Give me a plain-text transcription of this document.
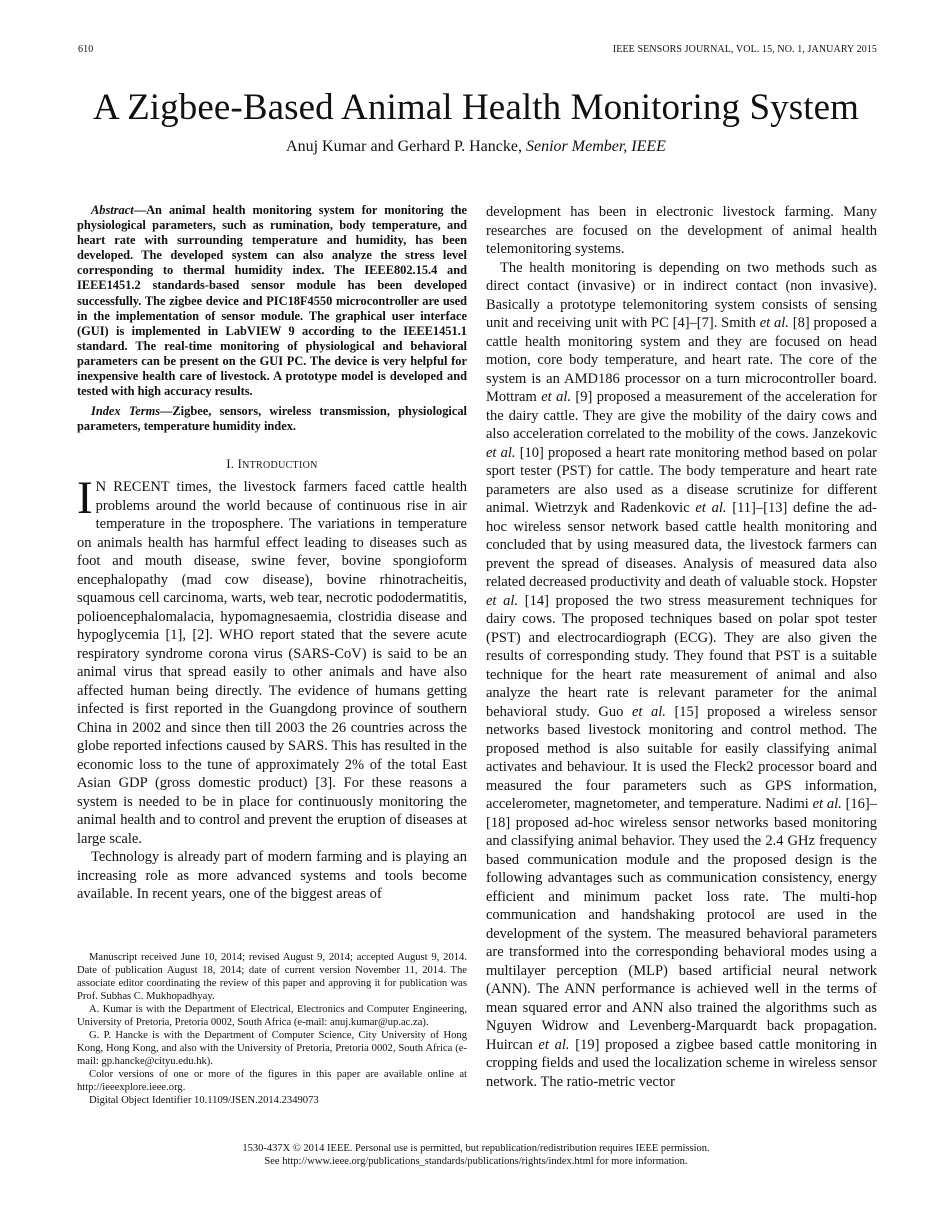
610	IEEE SENSORS JOURNAL, VOL. 15, NO. 1, JANUARY 2015
A Zigbee-Based Animal Health Monitoring System
Anuj Kumar and Gerhard P. Hancke, Senior Member, IEEE

Abstract—An animal health monitoring system for monitoring the physiological parameters, such as rumination, body temperature, and heart rate with surrounding temperature and humidity, has been developed. The developed system can also analyze the stress level corresponding to thermal humidity index. The IEEE802.15.4 and IEEE1451.2 standards-based sensor module has been developed successfully. The zigbee device and PIC18F4550 microcontroller are used in the implementation of sensor module. The graphical user interface (GUI) is implemented in LabVIEW 9 according to the IEEE1451.1 standard. The real-time monitoring of physiological and behavioral parameters can be present on the GUI PC. The device is very helpful for inexpensive health care of livestock. A prototype model is developed and tested with high accuracy results.

Index Terms—Zigbee, sensors, wireless transmission, physiological parameters, temperature humidity index.

I. INTRODUCTION

I N RECENT times, the livestock farmers faced cattle health problems around the world because of continuous rise in air temperature in the troposphere. The variations in temperature on animals health has harmful effect leading to diseases such as foot and mouth disease, swine fever, bovine spongioform encephalopathy (mad cow disease), bovine rhinotracheitis, squamous cell carcinoma, warts, web tear, necrotic pododermatitis, polioencephalomalacia, hypomagnesaemia, clostridia disease and hypoglycemia [1], [2]. WHO report stated that the severe acute respiratory syndrome corona virus (SARS-CoV) is said to be an animal virus that spread easily to other animals and have also affected human being directly. The evidence of humans getting infected is first reported in the Guangdong province of southern China in 2002 and since then till 2003 the 26 countries across the globe reported infections caused by SARS. This has resulted in the economic loss to the tune of approximately 2% of the total East Asian GDP (gross domestic product) [3]. For these reasons a system is needed to be in place for continuously monitoring the animal health and to control and prevent the eruption of diseases at large scale.

Technology is already part of modern farming and is playing an increasing role as more advanced systems and tools become available. In recent years, one of the biggest areas of

development has been in electronic livestock farming. Many researches are focused on the development of animal health telemonitoring systems.

The health monitoring is depending on two methods such as direct contact (invasive) or in indirect contact (non invasive). Basically a prototype telemonitoring system consists of sensing unit and receiving unit with PC [4]–[7]. Smith et al. [8] proposed a cattle health monitoring system and they are focused on head motion, core body temperature, and heart rate. The core of the system is an AMD186 processor on a turn microcontroller board. Mottram et al. [9] proposed a measurement of the acceleration for the dairy cattle. They are give the mobility of the dairy cows and also acceleration correlated to the mobility of the cows. Janzekovic et al. [10] proposed a heart rate monitoring method based on polar sport tester (PST) for cattle. The body temperature and heart rate parameters are also used as a disease scrutinize for different animal. Wietrzyk and Radenkovic et al. [11]–[13] define the ad-hoc wireless sensor network based cattle health monitoring and concluded that by using measured data, the livestock farmers can prevent the spread of diseases. Analysis of measured data also related decreased productivity and death of valuable stock. Hopster et al. [14] proposed the two stress measurement techniques for dairy cows. The proposed techniques based on polar spot tester (PST) and electrocardiograph (ECG). They are also given the results of corresponding study. They found that PST is a suitable technique for the heart rate measurement of animal and also analyze the heart rate is relevant parameter for the animal behavioral study. Guo et al. [15] proposed a wireless sensor networks based livestock monitoring and control method. The proposed method is also suitable for easily classifying animal activates and behaviour. It is used the Fleck2 processor board and measured the four parameters such as GPS information, accelerometer, magnetometer, and temperature. Nadimi et al. [16]–[18] proposed ad-hoc wireless sensor networks based monitoring and classifying animal behavior. They used the 2.4 GHz frequency based communication module and the proposed design is the following advantages such as communication consistency, energy efficient and minimum packet loss rate. The multi-hop communication and handshaking protocol are used in the development of the system. The measured behavioral parameters are transformed into the corresponding behavioral modes using a multilayer perception (MLP) based artificial neural network (ANN). The ANN performance is achieved well in the terms of mean squared error and ANN also trained the algorithms such as Nguyen Widrow and Levenberg-Marquardt back propagation. Huircan et al. [19] proposed a zigbee based cattle monitoring in cropping fields and used the localization scheme in wireless sensor network. The ratio-metric vector

Manuscript received June 10, 2014; revised August 9, 2014; accepted August 9, 2014. Date of publication August 18, 2014; date of current version November 11, 2014. The associate editor coordinating the review of this paper and approving it for publication was Prof. Subhas C. Mukhopadhyay.

A. Kumar is with the Department of Electrical, Electronics and Computer Engineering, University of Pretoria, Pretoria 0002, South Africa (e-mail: anuj.kumar@up.ac.za).

G. P. Hancke is with the Department of Computer Science, City University of Hong Kong, Hong Kong, and also with the University of Pretoria, Pretoria 0002, South Africa (e-mail: gp.hancke@cityu.edu.hk).

Color versions of one or more of the figures in this paper are available online at http://ieeexplore.ieee.org.

Digital Object Identifier 10.1109/JSEN.2014.2349073

1530-437X © 2014 IEEE. Personal use is permitted, but republication/redistribution requires IEEE permission.
See http://www.ieee.org/publications_standards/publications/rights/index.html for more information.
